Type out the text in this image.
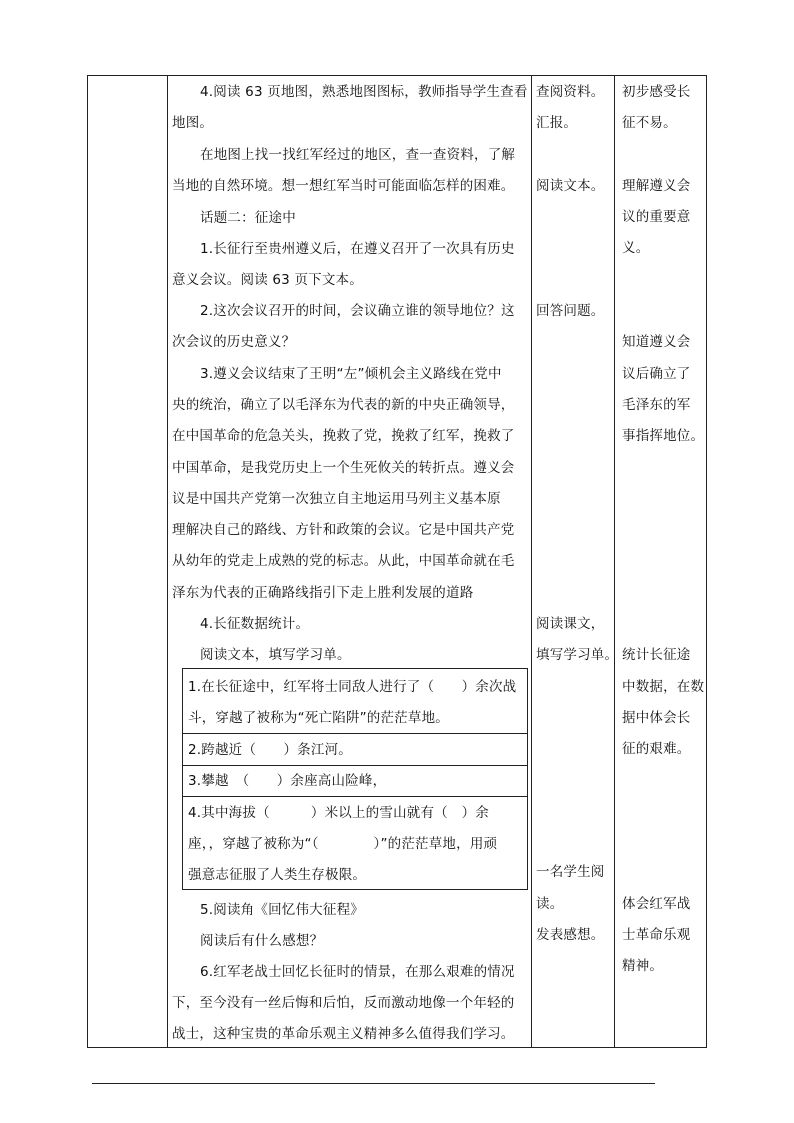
4.阅读 63 页地图，熟悉地图图标，教师指导学生查看
地图。
在地图上找一找红军经过的地区，查一查资料，了解
当地的自然环境。想一想红军当时可能面临怎样的困难。
话题二：征途中
1.长征行至贵州遵义后，在遵义召开了一次具有历史
意义会议。阅读 63 页下文本。
2.这次会议召开的时间，会议确立谁的领导地位？这
次会议的历史意义？
3.遵义会议结束了王明“左”倾机会主义路线在党中
央的统治，确立了以毛泽东为代表的新的中央正确领导，
在中国革命的危急关头，挽救了党，挽救了红军，挽救了
中国革命，是我党历史上一个生死攸关的转折点。遵义会
议是中国共产党第一次独立自主地运用马列主义基本原
理解决自己的路线、方针和政策的会议。它是中国共产党
从幼年的党走上成熟的党的标志。从此，中国革命就在毛
泽东为代表的正确路线指引下走上胜利发展的道路
4.长征数据统计。
阅读文本，填写学习单。
1.在长征途中，红军将士同敌人进行了（　　）余次战
斗，穿越了被称为“死亡陷阱”的茫茫草地。
2.跨越近（　　）条江河。
3.攀越　（　　）余座高山险峰，
4.其中海拔（　　　）米以上的雪山就有（　）余
座，，穿越了被称为“（　　　　）”的茫茫草地，用顽
强意志征服了人类生存极限。
5.阅读角《回忆伟大征程》
阅读后有什么感想？
6.红军老战士回忆长征时的情景，在那么艰难的情况
下，至今没有一丝后悔和后怕，反而激动地像一个年轻的
战士，这种宝贵的革命乐观主义精神多么值得我们学习。
查阅资料。
汇报。
阅读文本。
回答问题。
阅读课文，
填写学习单。
一名学生阅
读。
发表感想。
初步感受长
征不易。
理解遵义会
议的重要意
义。
知道遵义会
议后确立了
毛泽东的军
事指挥地位。
统计长征途
中数据，在数
据中体会长
征的艰难。
体会红军战
士革命乐观
精神。
